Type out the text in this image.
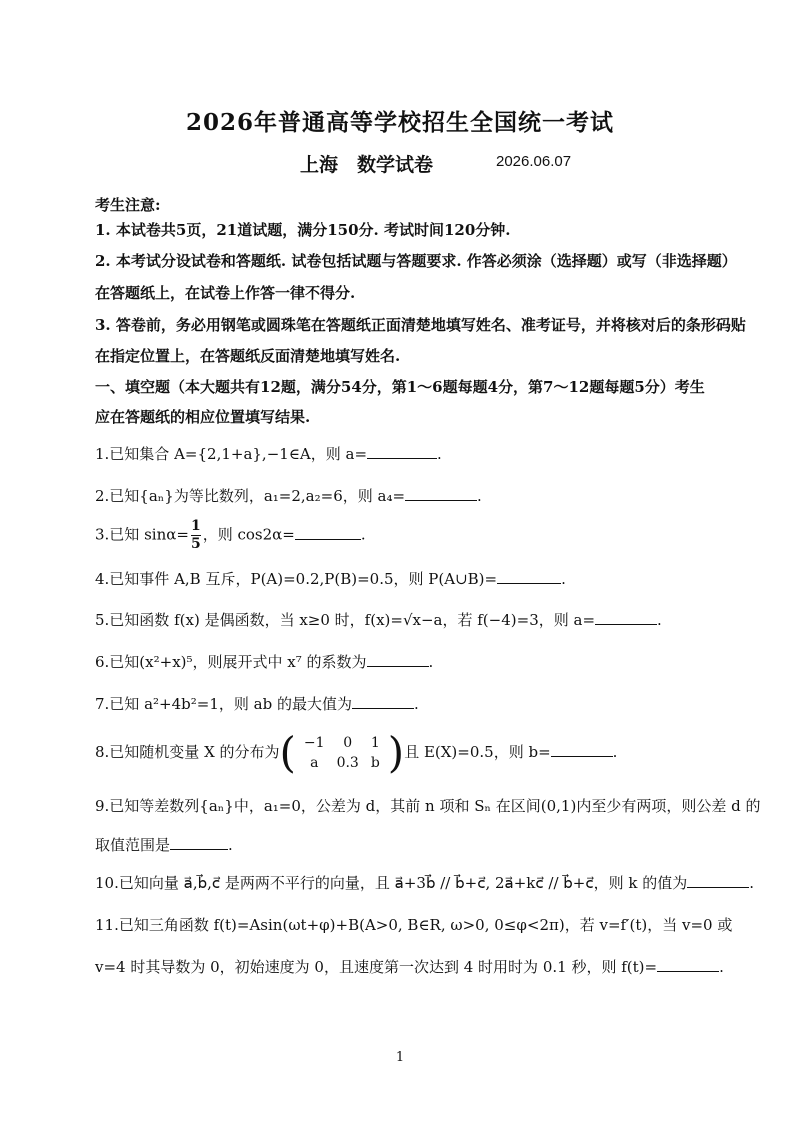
2026年普通高等学校招生全国统一考试
上海　数学试卷	2026.06.07
考生注意:
1. 本试卷共5页，21道试题，满分150分. 考试时间120分钟.
2. 本考试分设试卷和答题纸. 试卷包括试题与答题要求. 作答必须涂（选择题）或写（非选择题）
在答题纸上，在试卷上作答一律不得分.
3. 答卷前，务必用钢笔或圆珠笔在答题纸正面清楚地填写姓名、准考证号，并将核对后的条形码贴
在指定位置上，在答题纸反面清楚地填写姓名.
一、填空题（本大题共有12题，满分54分，第1～6题每题4分，第7～12题每题5分）考生
应在答题纸的相应位置填写结果.
1.已知集合 A={2,1+a},−1∈A，则 a=	.
2.已知{aₙ}为等比数列，a₁=2,a₂=6，则 a₄=	.
3.已知 $\sin\alpha= \frac{1}{5}$ ，则 cos2α=	.
4.已知事件 A,B 互斥，P(A)=0.2,P(B)=0.5，则 P(A∪B)=	.
5.已知函数 f(x) 是偶函数，当 x≥0 时，f(x)=√x−a，若 f(−4)=3，则 a=	.
6.已知(x²+x)⁵，则展开式中 x⁷ 的系数为	.
7.已知 a²+4b²=1，则 ab 的最大值为	.
8.已知随机变量 X 的分布为( −1	0	1
a	0.3	b )且 E(X)=0.5，则 b=	.
9.已知等差数列{aₙ}中，a₁=0，公差为 d，其前 n 项和 Sₙ 在区间(0,1)内至少有两项，则公差 d 的
取值范围是	.
10.已知向量 a⃗,b⃗,c⃗ 是两两不平行的向量，且 a⃗+3b⃗ // b⃗+c⃗, 2a⃗+kc⃗ // b⃗+c⃗，则 k 的值为	.
11.已知三角函数 f(t)=Asin(ωt+φ)+B(A>0, B∈R, ω>0, 0≤φ<2π)，若 v=f′(t)，当 v=0 或
v=4 时其导数为 0，初始速度为 0，且速度第一次达到 4 时用时为 0.1 秒，则 f(t)=	.
1
